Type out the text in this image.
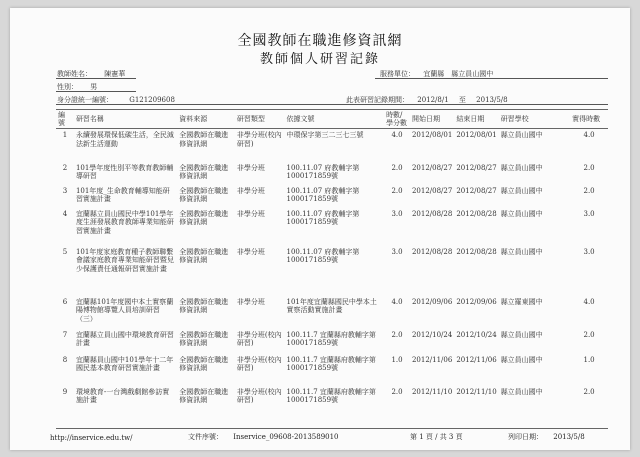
全國教師在職進修資訊網
教師個人研習記錄
教師姓名： 陳憲華
性別： 男
身分證統一編號： G121209608
服務單位： 宜蘭縣　縣立員山國中
此表研習記錄期間： 2012/8/1 至 2013/5/8
編號	研習名稱	資料來源	研習類型	依據文號	時數/學分數	開始日期	結束日期	研習學校	實得時數
1	永續發展環保低碳生活，全民減法新生活運動	全國教師在職進修資訊網	非學分班(校內研習)	中環保字第三二三七三號	4.0	2012/08/01	2012/08/01	縣立員山國中	4.0
2	101學年度性別平等教育教師輔導研習	全國教師在職進修資訊網	非學分班	100.11.07 府教輔字第1000171859號	2.0	2012/08/27	2012/08/27	縣立員山國中	2.0
3	101年度_生命教育輔導知能研習實施計畫	全國教師在職進修資訊網	非學分班	100.11.07 府教輔字第1000171859號	2.0	2012/08/27	2012/08/27	縣立員山國中	2.0
4	宜蘭縣立員山國民中學101學年度生涯發展教育教師專業知能研習實施計畫	全國教師在職進修資訊網	非學分班	100.11.07 府教輔字第1000171859號	3.0	2012/08/28	2012/08/28	縣立員山國中	3.0
5	101年度家庭教育種子教師聯繫會議家庭教育專業知能研習暨兒少保護責任通報研習實施計畫	全國教師在職進修資訊網	非學分班	100.11.07 府教輔字第1000171859號	3.0	2012/08/28	2012/08/28	縣立員山國中	3.0
6	宜蘭縣101年度國中本土實察蘭陽博物館導覽人員培訓研習（三）	全國教師在職進修資訊網	非學分班	101年度宜蘭縣國民中學本土實察活動實施計畫	4.0	2012/09/06	2012/09/06	縣立羅東國中	4.0
7	宜蘭縣立員山國中環境教育研習計畫	全國教師在職進修資訊網	非學分班(校內研習)	100.11.7 宜蘭縣府教輔字第1000171859號	2.0	2012/10/24	2012/10/24	縣立員山國中	2.0
8	宜蘭縣員山國中101學年十二年國民基本教育研習實施計畫	全國教師在職進修資訊網	非學分班(校內研習)	100.11.7 宜蘭縣府教輔字第1000171859號	1.0	2012/11/06	2012/11/06	縣立員山國中	1.0
9	環境教育-一台灣戲劇館參訪實施計畫	全國教師在職進修資訊網	非學分班(校內研習)	100.11.7 宜蘭縣府教輔字第1000171859號	2.0	2012/11/10	2012/11/10	縣立員山國中	2.0
http://inservice.edu.tw/	文件序號： Inservice_09608-2013589010	第 1 頁 / 共 3 頁	列印日期： 2013/5/8
